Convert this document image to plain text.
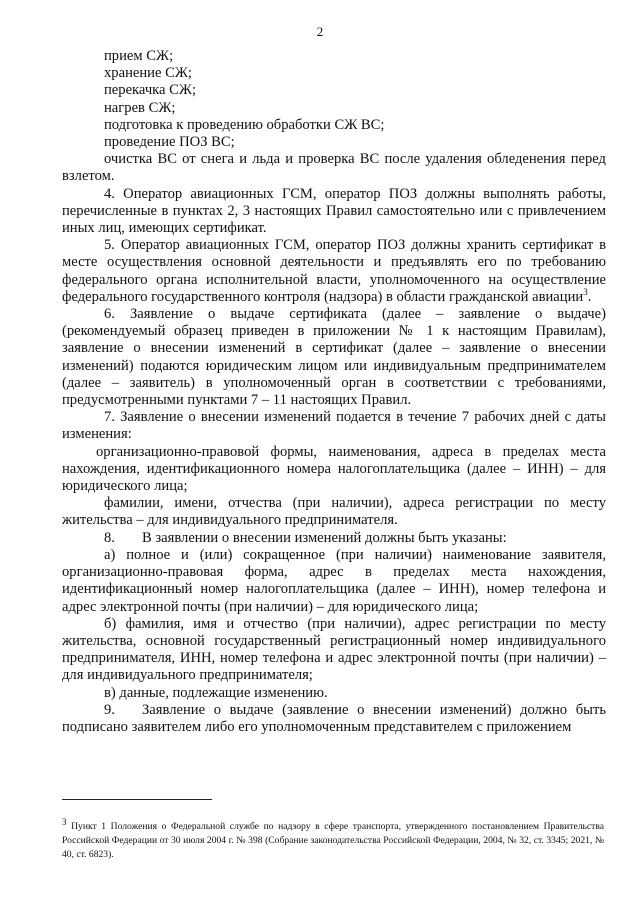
2

прием СЖ;

хранение СЖ;

перекачка СЖ;

нагрев СЖ;

подготовка к проведению обработки СЖ ВС;

проведение ПОЗ ВС;

очистка ВС от снега и льда и проверка ВС после удаления обледенения перед взлетом.

4. Оператор авиационных ГСМ, оператор ПОЗ должны выполнять работы, перечисленные в пунктах 2, 3 настоящих Правил самостоятельно или с привлечением иных лиц, имеющих сертификат.

5. Оператор авиационных ГСМ, оператор ПОЗ должны хранить сертификат в месте осуществления основной деятельности и предъявлять его по требованию федерального органа исполнительной власти, уполномоченного на осуществление федерального государственного контроля (надзора) в области гражданской авиации$^3$.

6. Заявление о выдаче сертификата (далее – заявление о выдаче) (рекомендуемый образец приведен в приложении № 1 к настоящим Правилам), заявление о внесении изменений в сертификат (далее – заявление о внесении изменений) подаются юридическим лицом или индивидуальным предпринимателем (далее – заявитель) в уполномоченный орган в соответствии с требованиями, предусмотренными пунктами 7 – 11 настоящих Правил.

7. Заявление о внесении изменений подается в течение 7 рабочих дней с даты изменения:

организационно-правовой формы, наименования, адреса в пределах места нахождения, идентификационного номера налогоплательщика (далее – ИНН) – для юридического лица;

фамилии, имени, отчества (при наличии), адреса регистрации по месту жительства – для индивидуального предпринимателя.

8. В заявлении о внесении изменений должны быть указаны:

а) полное и (или) сокращенное (при наличии) наименование заявителя, организационно-правовая форма, адрес в пределах места нахождения, идентификационный номер налогоплательщика (далее – ИНН), номер телефона и адрес электронной почты (при наличии) – для юридического лица;

б) фамилия, имя и отчество (при наличии), адрес регистрации по месту жительства, основной государственный регистрационный номер индивидуального предпринимателя, ИНН, номер телефона и адрес электронной почты (при наличии) – для индивидуального предпринимателя;

в) данные, подлежащие изменению.

9. Заявление о выдаче (заявление о внесении изменений) должно быть подписано заявителем либо его уполномоченным представителем с приложением

3 Пункт 1 Положения о Федеральной службе по надзору в сфере транспорта, утвержденного постановлением Правительства Российской Федерации от 30 июля 2004 г. № 398 (Собрание законодательства Российской Федерации, 2004, № 32, ст. 3345; 2021, № 40, ст. 6823).
